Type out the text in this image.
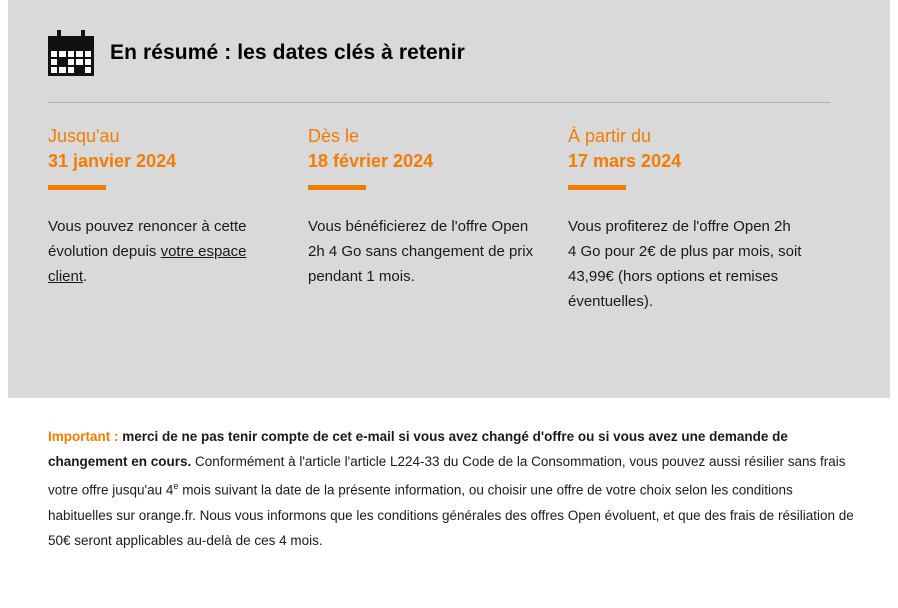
En résumé : les dates clés à retenir

Jusqu'au

31 janvier 2024

Vous pouvez renoncer à cette évolution depuis votre espace client.

Dès le

18 février 2024

Vous bénéficierez de l'offre Open 2h 4 Go sans changement de prix pendant 1 mois.

À partir du

17 mars 2024

Vous profiterez de l'offre Open 2h 4 Go pour 2€ de plus par mois, soit 43,99€ (hors options et remises éventuelles).

Important : merci de ne pas tenir compte de cet e-mail si vous avez changé d'offre ou si vous avez une demande de changement en cours. Conformément à l'article l'article L224-33 du Code de la Consommation, vous pouvez aussi résilier sans frais votre offre jusqu'au 4e mois suivant la date de la présente information, ou choisir une offre de votre choix selon les conditions habituelles sur orange.fr. Nous vous informons que les conditions générales des offres Open évoluent, et que des frais de résiliation de 50€ seront applicables au-delà de ces 4 mois.
